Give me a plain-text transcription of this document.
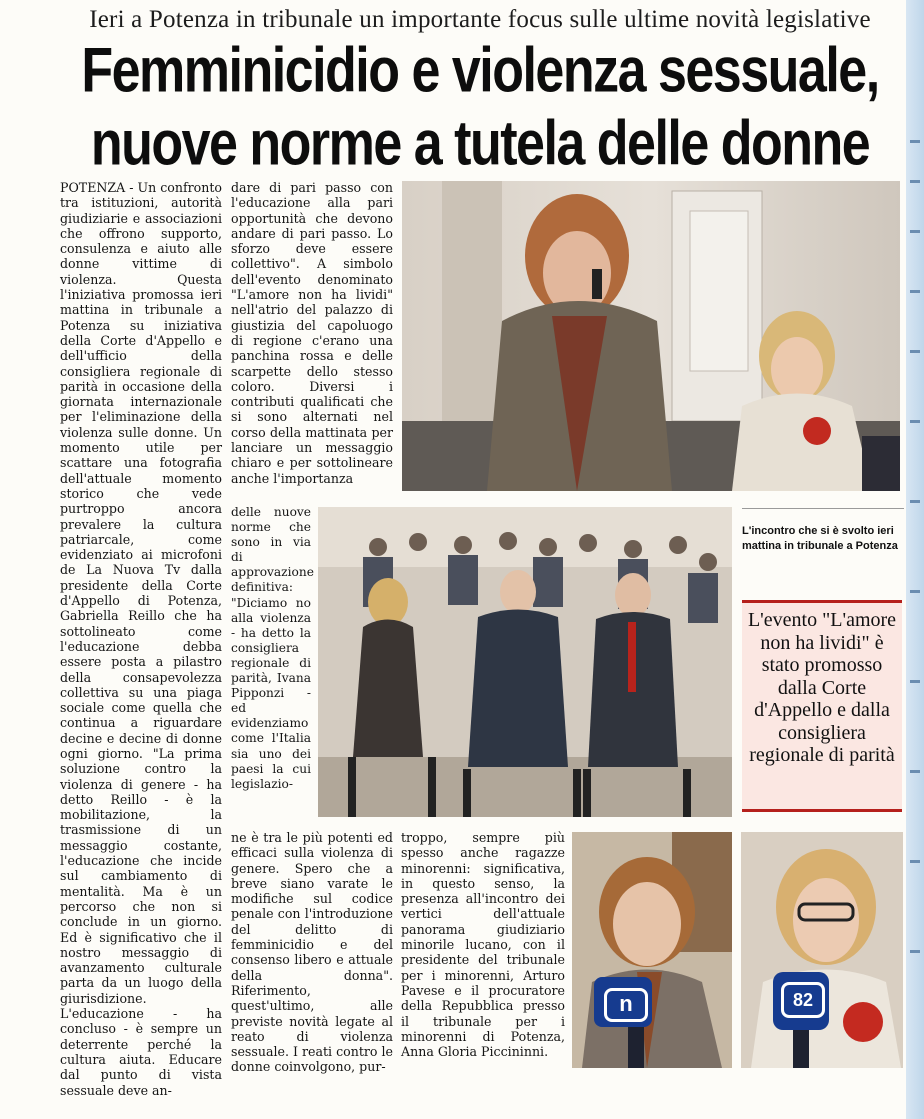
Ieri a Potenza in tribunale un importante focus sulle ultime novità legislative
Femminicidio e violenza sessuale,
nuove norme a tutela delle donne
POTENZA - Un confronto tra istituzioni, autorità giudiziarie e associazioni che offrono supporto, consulenza e aiuto alle donne vittime di violenza. Questa l'iniziativa promossa ieri mattina in tribunale a Potenza su iniziativa della Corte d'Appello e dell'ufficio della consigliera regionale di parità in occasione della giornata internazionale per l'eliminazione della violenza sulle donne. Un momento utile per scattare una fotografia dell'attuale momento storico che vede purtroppo ancora prevalere la cultura patriarcale, come evidenziato ai microfoni de La Nuova Tv dalla presidente della Corte d'Appello di Potenza, Gabriella Reillo che ha sottolineato come l'educazione debba essere posta a pilastro della consapevolezza collettiva su una piaga sociale come quella che continua a riguardare decine e decine di donne ogni giorno. "La prima soluzione contro la violenza di genere - ha detto Reillo - è la mobilitazione, la trasmissione di un messaggio costante, l'educazione che incide sul cambiamento di mentalità. Ma è un percorso che non si conclude in un giorno. Ed è significativo che il nostro messaggio di avanzamento culturale parta da un luogo della giurisdizione. L'educazione - ha concluso - è sempre un deterrente perché la cultura aiuta. Educare dal punto di vista sessuale deve an-
dare di pari passo con l'educazione alla pari opportunità che devono andare di pari passo. Lo sforzo deve essere collettivo". A simbolo dell'evento denominato "L'amore non ha lividi" nell'atrio del palazzo di giustizia del capoluogo di regione c'erano una panchina rossa e delle scarpette dello stesso coloro. Diversi i contributi qualificati che si sono alternati nel corso della mattinata per lanciare un messaggio chiaro e per sottolineare anche l'importanza
delle nuove norme che sono in via di approvazione definitiva: "Diciamo no alla violenza - ha detto la consigliera regionale di parità, Ivana Pipponzi - ed evidenziamo come l'Italia sia uno dei paesi la cui legislazio-
ne è tra le più potenti ed efficaci sulla violenza di genere. Spero che a breve siano varate le modifiche sul codice penale con l'introduzione del delitto di femminicidio e del consenso libero e attuale della donna". Riferimento, quest'ultimo, alle previste novità legate al reato di violenza sessuale. I reati contro le donne coinvolgono, pur-
troppo, sempre più spesso anche ragazze minorenni: significativa, in questo senso, la presenza all'incontro dei vertici dell'attuale panorama giudiziario minorile lucano, con il presidente del tribunale per i minorenni, Arturo Pavese e il procuratore della Repubblica presso il tribunale per i minorenni di Potenza, Anna Gloria Piccininni.
L'incontro che si è svolto ieri mattina in tribunale a Potenza
L'evento "L'amore non ha lividi" è stato promosso dalla Corte d'Appello e dalla consigliera regionale di parità
n	82
